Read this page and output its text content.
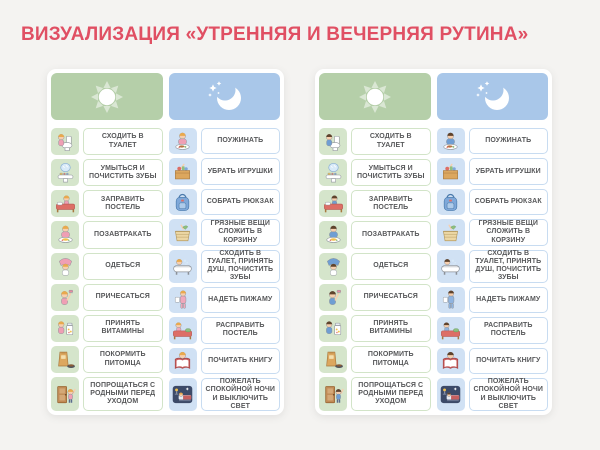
ВИЗУАЛИЗАЦИЯ «УТРЕННЯЯ И ВЕЧЕРНЯЯ РУТИНА»
СХОДИТЬ В ТУАЛЕТ
УМЫТЬСЯ И ПОЧИСТИТЬ ЗУБЫ
ЗАПРАВИТЬ ПОСТЕЛЬ
ПОЗАВТРАКАТЬ
ОДЕТЬСЯ
ПРИЧЕСАТЬСЯ
ПРИНЯТЬ ВИТАМИНЫ
ПОКОРМИТЬ ПИТОМЦА
ПОПРОЩАТЬСЯ С РОДНЫМИ ПЕРЕД УХОДОМ
ПОУЖИНАТЬ
УБРАТЬ ИГРУШКИ
СОБРАТЬ РЮКЗАК
ГРЯЗНЫЕ ВЕЩИ СЛОЖИТЬ В КОРЗИНУ
СХОДИТЬ В ТУАЛЕТ, ПРИНЯТЬ ДУШ, ПОЧИСТИТЬ ЗУБЫ
НАДЕТЬ ПИЖАМУ
РАСПРАВИТЬ ПОСТЕЛЬ
ПОЧИТАТЬ КНИГУ
ПОЖЕЛАТЬ СПОКОЙНОЙ НОЧИ И ВЫКЛЮЧИТЬ СВЕТ
СХОДИТЬ В ТУАЛЕТ
УМЫТЬСЯ И ПОЧИСТИТЬ ЗУБЫ
ЗАПРАВИТЬ ПОСТЕЛЬ
ПОЗАВТРАКАТЬ
ОДЕТЬСЯ
ПРИЧЕСАТЬСЯ
ПРИНЯТЬ ВИТАМИНЫ
ПОКОРМИТЬ ПИТОМЦА
ПОПРОЩАТЬСЯ С РОДНЫМИ ПЕРЕД УХОДОМ
ПОУЖИНАТЬ
УБРАТЬ ИГРУШКИ
СОБРАТЬ РЮКЗАК
ГРЯЗНЫЕ ВЕЩИ СЛОЖИТЬ В КОРЗИНУ
СХОДИТЬ В ТУАЛЕТ, ПРИНЯТЬ ДУШ, ПОЧИСТИТЬ ЗУБЫ
НАДЕТЬ ПИЖАМУ
РАСПРАВИТЬ ПОСТЕЛЬ
ПОЧИТАТЬ КНИГУ
ПОЖЕЛАТЬ СПОКОЙНОЙ НОЧИ И ВЫКЛЮЧИТЬ СВЕТ
